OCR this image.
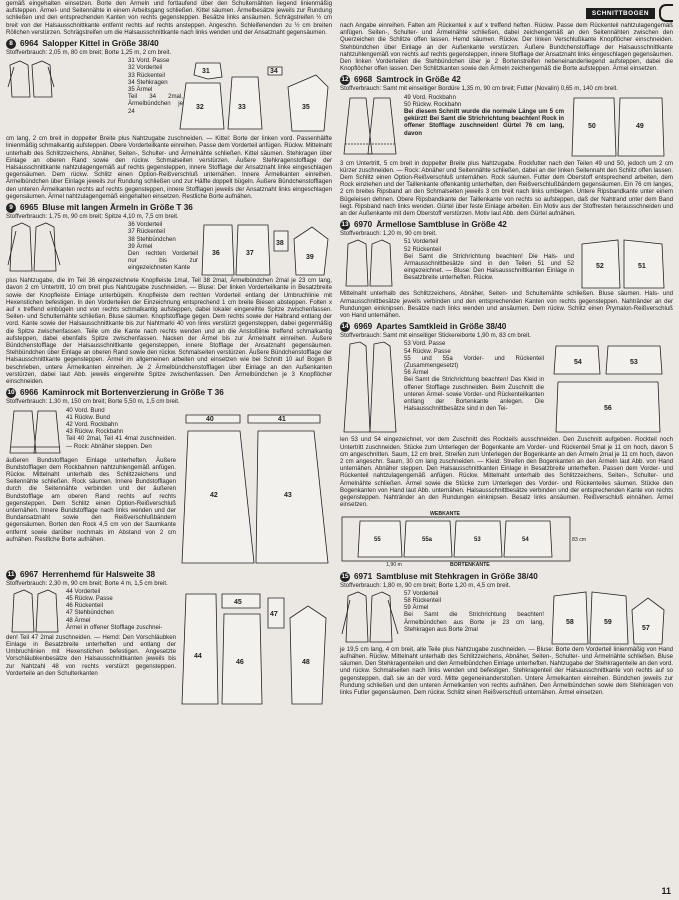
SCHNITTBOGEN

gemäß eingehalten einsetzen. Borte den Ärmeln und fortlaufend über den Schulternähten liegend linienmäßig aufsteppen. Ärmel- und Seitennähte in einem Arbeitsgang schließen. Kittel säumen. Ärmelbesätze jeweils zur Rundung schließen und den entsprechenden Kanten von rechts gegensteppen. Besätze links ansäumen. Schrägstreifen ½ cm breit von der Halsausschnittkante entfernt rechts auf rechts ansteppen. Angeschn. Schleifenenden zu ½ cm breiten Röllchen verstürzen. Schrägstreifen um die Halsausschnittkante nach links wenden und der Ansatznaht gegensäumen.

8 6964 Salopper Kittel in Größe 38/40

Stoffverbrauch: 2,05 m, 80 cm breit; Borte 1,25 m, 2 cm breit.

31
32	33
34
35
31 Vord. Passe
32 Vorderteil
33 Rückenteil
34 Stehkragen
35 Ärmel
Teil 34 2mal, Ärmelbündchen je 24

cm lang, 2 cm breit in doppelter Breite plus Nahtzugabe zuschneiden. — Kittel: Borte der linken vord. Passenhälfte linienmäßig schmalkantig aufsteppen. Obere Vorderteilkante einreihen. Passe dem Vorderteil anfügen. Rückw. Mittelnaht unterhalb des Schlitzzeichens, Abnäher, Seiten-, Schulter- und Ärmelnähte schließen. Kittel säumen. Stehkragen über Einlage an oberen Rand sowie den rückw. Schmalseiten verstürzen. Äußere Stehkragenstofflage der Halsausschnittkante nahtzulagengemäß auf rechts gegensteppen, innere Stofflage der Ansatznaht linke eingeschlagen gegensäumen. Dem rückw. Schlitz einen Option-Reißverschluß unternähen. Innere Ärmelkanten einreihen. Ärmelbündchen über Einlage jeweils zur Rundung schließen und zur Hälfte doppelt bügeln. Äußere Bündchenstofflagen den unteren Ärmelkanten rechts auf rechts gegensteppen, innere Stofflagen jeweils der Ansatznaht links eingeschlagen gegensäumen. Ärmel nahtzulagengemäß eingehalten einsetzen. Restliche Borte aufnähen.

9 6965 Bluse mit langen Ärmeln in Größe T 36

Stoffverbrauch: 1,75 m, 90 cm breit; Spitze 4,10 m, 7,5 cm breit.

36	37
38
39
36 Vorderteil
37 Rückenteil
38 Stehbündchen
39 Ärmel
Den rechten Vorderteil nur bis zur eingezeichneten Kante

plus Nahtzugabe, die im Teil 36 eingezeichnete Knopfleiste 1mal, Teil 38 2mal, Ärmelbündchen 2mal je 23 cm lang, davon 2 cm Untertritt, 10 cm breit plus Nahtzugabe zuschneiden. — Bluse: Der linken Vorderteilkante in Besatzbreite sowie der Knopfleiste Einlage unterbügeln. Knopfleiste dem rechten Vorderteil entlang der Umbruchlinie mit Hexenstichen befestigen. In den Vorderteilen der Einzeichnung entsprechend 1 cm breite Biesen absteppen. Folten x auf x treffend einbügeln und von rechts schmalkantig aufsteppen, dabei lokaler eingereihte Spitze zwischenfassen. Seiten- und Schulternähte schließen. Bluse säumen. Knopfstofflage gegen. Dem rechts sowie der Halbrand entlang der vord. Kante sowie der Halsausschnittkante bis zur Nahtmarki 40 von links verstürzt gegensteppen, dabei gegenmäßig die Spitze zwischenfassen. Teile um die Kante nach rechts wenden und an die Anstoßlinie treffend schmalkantig aufsteppen, dabei ebenfalls Spitze zwischenfassen. Nacken der Ärmel bis zur Ärmelnaht einreihen. Äußere Bündchenstofflage der Halsausschnittkante gegensteppen, innere Stofflage der Ansatznaht gegensäumen. Stehbündchen über Einlage an oberen Rand sowie den rückw. Schmalseiten verstürzen. Äußere Bündchenstofflage der Halsausschnittkante gegensteppen. Ärmel im allgemeinen arbeiten und einsetzen wie bei Schnitt 10 auf Bogen B beschrieben, untere Ärmelkanten einreihen. Je 2 Ärmelbündchenstofflagen über Einlage an den Außenkanten verstürzen, dabei laut Abb. jeweils eingereihte Spitze zwischenfassen. Den Ärmelbündchen je 3 Knopflöcher einschneiden.

10 6966 Kaminrock mit Bortenverzierung in Größe T 36

Stoffverbrauch: 1,30 m, 150 cm breit; Borte 5,50 m, 1,5 cm breit.

40 Vord. Bund
41 Rückw. Bund
42 Vord. Rockbahn
43 Rückw. Rockbahn
Teil 40 2mal, Teil 41 4mal zuschneiden. — Rock: Abnäher steppen. Den

äußeren Bundstofflagen Einlage unterheften. Äußere Bundstofflagen dem Rockbahnen nahtzuhlengemäß anfügen. Rückw. Mittelnaht unterhalb des Schlitzzeichens und Seitennähte schließen. Rock säumen. Innere Bundstofflagen durch die Seitennähte verbinden und der äußeren Bundstofflage am oberen Rand rechts auf rechts gegensteppen. Dem Schlitz einen Option-Reißverschluß unternähen. Innere Bundstofflage nach links wenden und der Bundansatznaht sowie den Reißverschlußbändern gegensäumen. Borten den Rock 4,5 cm von der Saumkante entfernt sowie darüber nochmals im Abstand von 2 cm aufnähen. Restliche Borte aufnähen.

40	41
42	43
11 6967 Herrenhemd für Halsweite 38

Stoffverbrauch: 2,30 m, 90 cm breit; Borte 4 m, 1,5 cm breit.

44 Vorderteil
45 Rückw. Passe
46 Rückenteil
47 Stehbündchen
48 Ärmel
Ärmel in offener Stofflage zuschnei-

den! Teil 47 2mal zuschneiden. — Hemd: Den Vorschläubken Einlage in Besatzbreite unterheften und entlang der Umbruchlinien mit Hexenstichen befestigen. Angesetzte Vorschläubkenbesätze den Halsausschnittkanten jeweils bis zur Nahtzahl 48 von rechts verstürzt gegensteppen. Vorderteile an den Schulterkanten

44
45
46
47
48

nach Angabe einreihen. Falten am Rückenteil x auf x treffend heften. Rückw. Passe dem Rückenteil nahtzulagengemäß anfügen. Seiten-, Schulter- und Ärmelnähte schließen, dabei zeichengemäß an den Seitennähten zwischen den Querzeichen die Schlitze offen lassen. Hemd säumen. Rückw. Der linken Verschlußkante Knopflöcher einschneiden. Stehbündchen über Einlage an der Außenkante verstürzen. Äußere Bundchenstofflage der Halsausschnittkante nahtzuhlengemäß von rechts auf rechts gegensteppen, innere Stofflage der Ansatznaht links eingeschlagen gegensäumen. Den linken Vorderteilen die Stehbündchen über je 2 Bortenstreifen nebeneinanderliegend aufsteppen, dabei die Knopflöcher offen lassen. Den Schlitzkanten sowie den Ärmeln zeichengemäß die Borte aufsteppen. Ärmel einsetzen.

12 6968 Samtrock in Größe 42

Stoffverbrauch: Samt mit einseitiger Bordüre 1,35 m, 90 cm breit; Futter (Novalin) 0,65 m, 140 cm breit.

49 Vord. Rockbahn
50 Rückw. Rockbahn
Bei diesem Schnitt wurde die normale Länge um 5 cm gekürzt! Bei Samt die Strichrichtung beachten! Rock in offener Stofflage zuschneiden! Gürtel 76 cm lang, davon
50	49

3 cm Untertritt, 5 cm breit in doppelter Breite plus Nahtzugabe. Rockfutter nach den Teilen 49 und 50, jedoch um 2 cm kürzer zuschneiden. — Rock: Abnäher und Seitennähte schließen, dabei an der linken Seitennaht den Schlitz offen lassen. Dem Schlitz einen Option-Reißverschluß unternähen. Rock säumen. Futter dem Oberstoff entsprechend arbeiten, dem Rock einziehen und der Taillenkante offenkantig unterheften, den Reißverschlußbändern gegensäumen. Ein 76 cm langes, 2 cm breites Ripsband an den Schmalseiten jeweils 3 cm breit nach links umbiegen. Untere Ripsbandkante unter einem Bügeleisen dehnen. Obere Ripsbandkante der Taillenkante von rechts so aufsteppen, daß der Nahtrand unter dem Band liegt. Ripsband nach links wenden. Gürtel über feste Einlage arbeiten. Ein Motiv aus der Stoffresten herausschneiden und an der Außenkante mit dem Oberstoff verstürzen. Motiv laut Abb. dem Gürtel aufnähen.

13 6970 Ärmellose Samtbluse in Größe 42

Stoffverbrauch: 1,20 m, 90 cm breit.

51 Vorderteil
52 Rückenteil
Bei Samt die Strichrichtung beachten! Die Hals- und Armausschnittbesätze sind in den Teilen 51 und 52 eingezeichnet. — Bluse: Den Halsausschnittkanten Einlage in Besatzbreite unterheften. Rückw.
52	51

Mittelnaht unterhalb des Schlitzzeichens, Abnäher, Seiten- und Schulternähte schließen. Bluse säumen. Hals- und Armausschnittbesätze jeweils verbinden und den entsprechenden Kanten von rechts gegensteppen. Nahtränder an der Rundungen einknipsen. Besätze nach links wenden und ansäumen. Dem rückw. Schlitz einen Prymalon-Reißverschluß von Hand unternähen.

14 6969 Apartes Samtkleid in Größe 38/40

Stoffverbrauch: Samt mit einseitiger Stickereiborte 1,90 m, 83 cm breit.

53 Vord. Passe
54 Rückw. Passe
55 und 55a Vorder- und Rückenteil (Zusammengesetzt)
56 Ärmel
Bei Samt die Strichrichtung beachten! Das Kleid in offener Stofflage zuschneiden. Beim Zuschnitt die unteren Ärmel- sowie Vorder- und Rückenteilkanten entlang der Bortenkante anlegen. Die Halsausschnittbesätze sind in den Tei-
54	53
56

len 53 und 54 eingezeichnet, vor dem Zuschnitt des Rockteils ausschneiden. Den Zuschnitt aufgeben. Rockteil noch Untertritt zuschneiden. Stücke zum Unterlegen der Bogenkante am Vorder- und Rückenteil 5mal je 11 cm hoch, davon 5 cm angeschnitten. Saum, 12 cm breit. Streifen zum Unterlegen der Bogenkante an den Ärmeln 2mal je 11 cm hoch, davon 2 cm angeschn. Saum, 30 cm lang zuschneiden. — Kleid: Streifen den Bogenkanten an den Ärmeln laut Abb. von Hand unternähen. Abnäher steppen. Den Halsausschnittkanten Einlage in Besatzbreite unterheften. Passen dem Vorder- und Rückenteil nahtzulagengemäß anfügen. Rückw. Mittelnaht unterhalb des Schlitzzeichens, Seiten-, Schulter- und Ärmelnähte schließen. Ärmel sowie die Stücke zum Unterlegen des Vorder- und Rückenteiles säumen. Stücke den Bogenkanten von Hand laut Abb. unternähen. Halsausschnittbesätze verbinden und der entsprechenden Kante von rechts gegensteppen. Nahtränder an den Rundungen einknipsen. Besatz links ansäumen. Reißverschluß einnähen. Ärmel einsetzen.

55	55a	53	54
WEBKANTE
BORTENKANTE
1,90 m
83 cm
15 6971 Samtbluse mit Stehkragen in Größe 38/40

Stoffverbrauch: 1,80 m, 90 cm breit; Borte 1,20 m, 4,5 cm breit.

57 Vorderteil
58 Rückenteil
59 Ärmel
Bei Samt die Strichrichtung beachten! Ärmelbündchen aus Borte je 23 cm lang, Stehkragen aus Borte 2mal
58	59
57

je 19,5 cm lang, 4 cm breit, alle Teile plus Nahtzugabe zuschneiden. — Bluse: Borte dem Vorderteil linienmäßig von Hand aufnähen. Rückw. Mittelnaht unterhalb des Schlitzzeichens, Abnäher, Seiten-, Schulter- und Ärmelnähte schließen. Bluse säumen. Den Stehkragenteilen und den Ärmelbündchen Einlage unterheften. Nahtzugabe der Stehkragenteile an den vord. und rückw. Schmalseiten nach links wenden und befestigen. Stehkragenteil der Halsausschnittkante von rechts auf so gegensteppen, daß sie an der vord. Mitte gegeneinanderstoßen. Untere Ärmelkanten einreihen. Bündchen jeweils zur Rundung schließen und den unteren Ärmelkanten von rechts aufnähen. Den Ärmelbündchen sowie dem Stehkragen von links Futter gegensäumen. Dem rückw. Schlitz einen Reißverschluß unternähen. Ärmel einsetzen.

11
